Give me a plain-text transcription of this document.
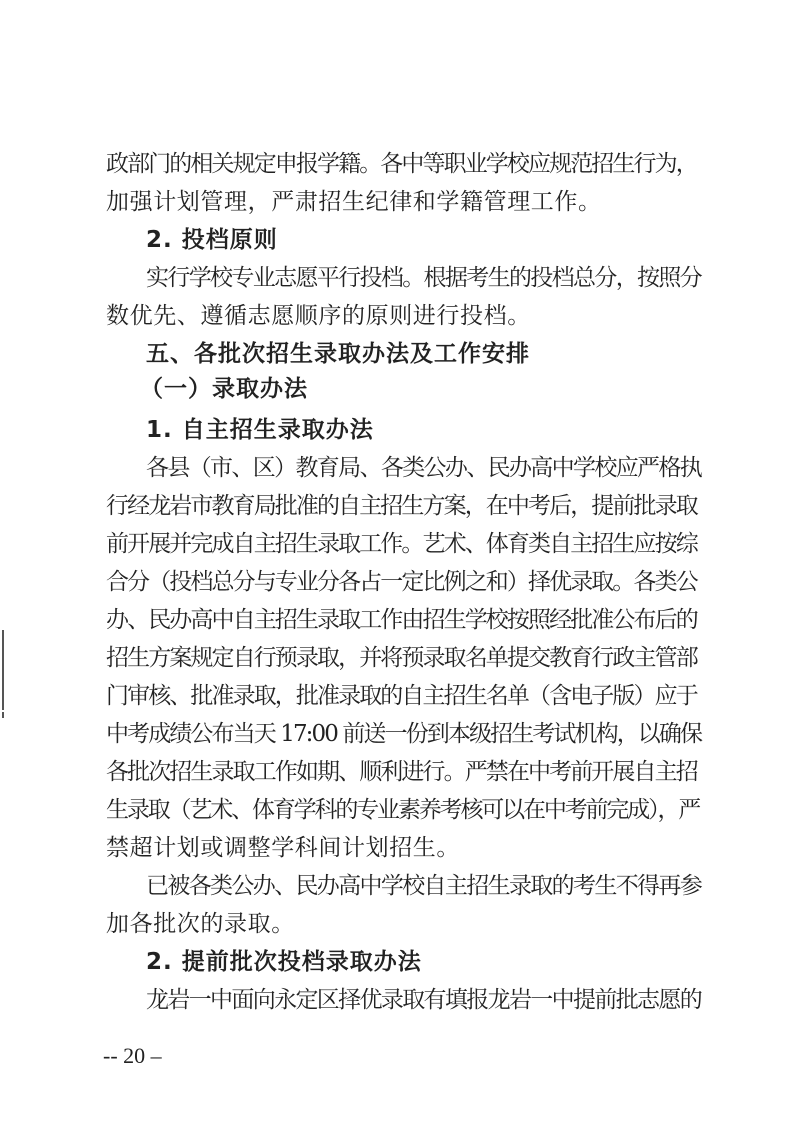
政部门的相关规定申报学籍。各中等职业学校应规范招生行为，
加强计划管理，严肃招生纪律和学籍管理工作。
2. 投档原则
实行学校专业志愿平行投档。根据考生的投档总分，按照分
数优先、遵循志愿顺序的原则进行投档。
五、各批次招生录取办法及工作安排
（一）录取办法
1. 自主招生录取办法
各县（市、区）教育局、各类公办、民办高中学校应严格执
行经龙岩市教育局批准的自主招生方案，在中考后，提前批录取
前开展并完成自主招生录取工作。艺术、体育类自主招生应按综
合分（投档总分与专业分各占一定比例之和）择优录取。各类公
办、民办高中自主招生录取工作由招生学校按照经批准公布后的
招生方案规定自行预录取，并将预录取名单提交教育行政主管部
门审核、批准录取，批准录取的自主招生名单（含电子版）应于
中考成绩公布当天 17:00 前送一份到本级招生考试机构，以确保
各批次招生录取工作如期、顺利进行。严禁在中考前开展自主招
生录取（艺术、体育学科的专业素养考核可以在中考前完成），严
禁超计划或调整学科间计划招生。
已被各类公办、民办高中学校自主招生录取的考生不得再参
加各批次的录取。
2. 提前批次投档录取办法
龙岩一中面向永定区择优录取有填报龙岩一中提前批志愿的
-- 20 –
